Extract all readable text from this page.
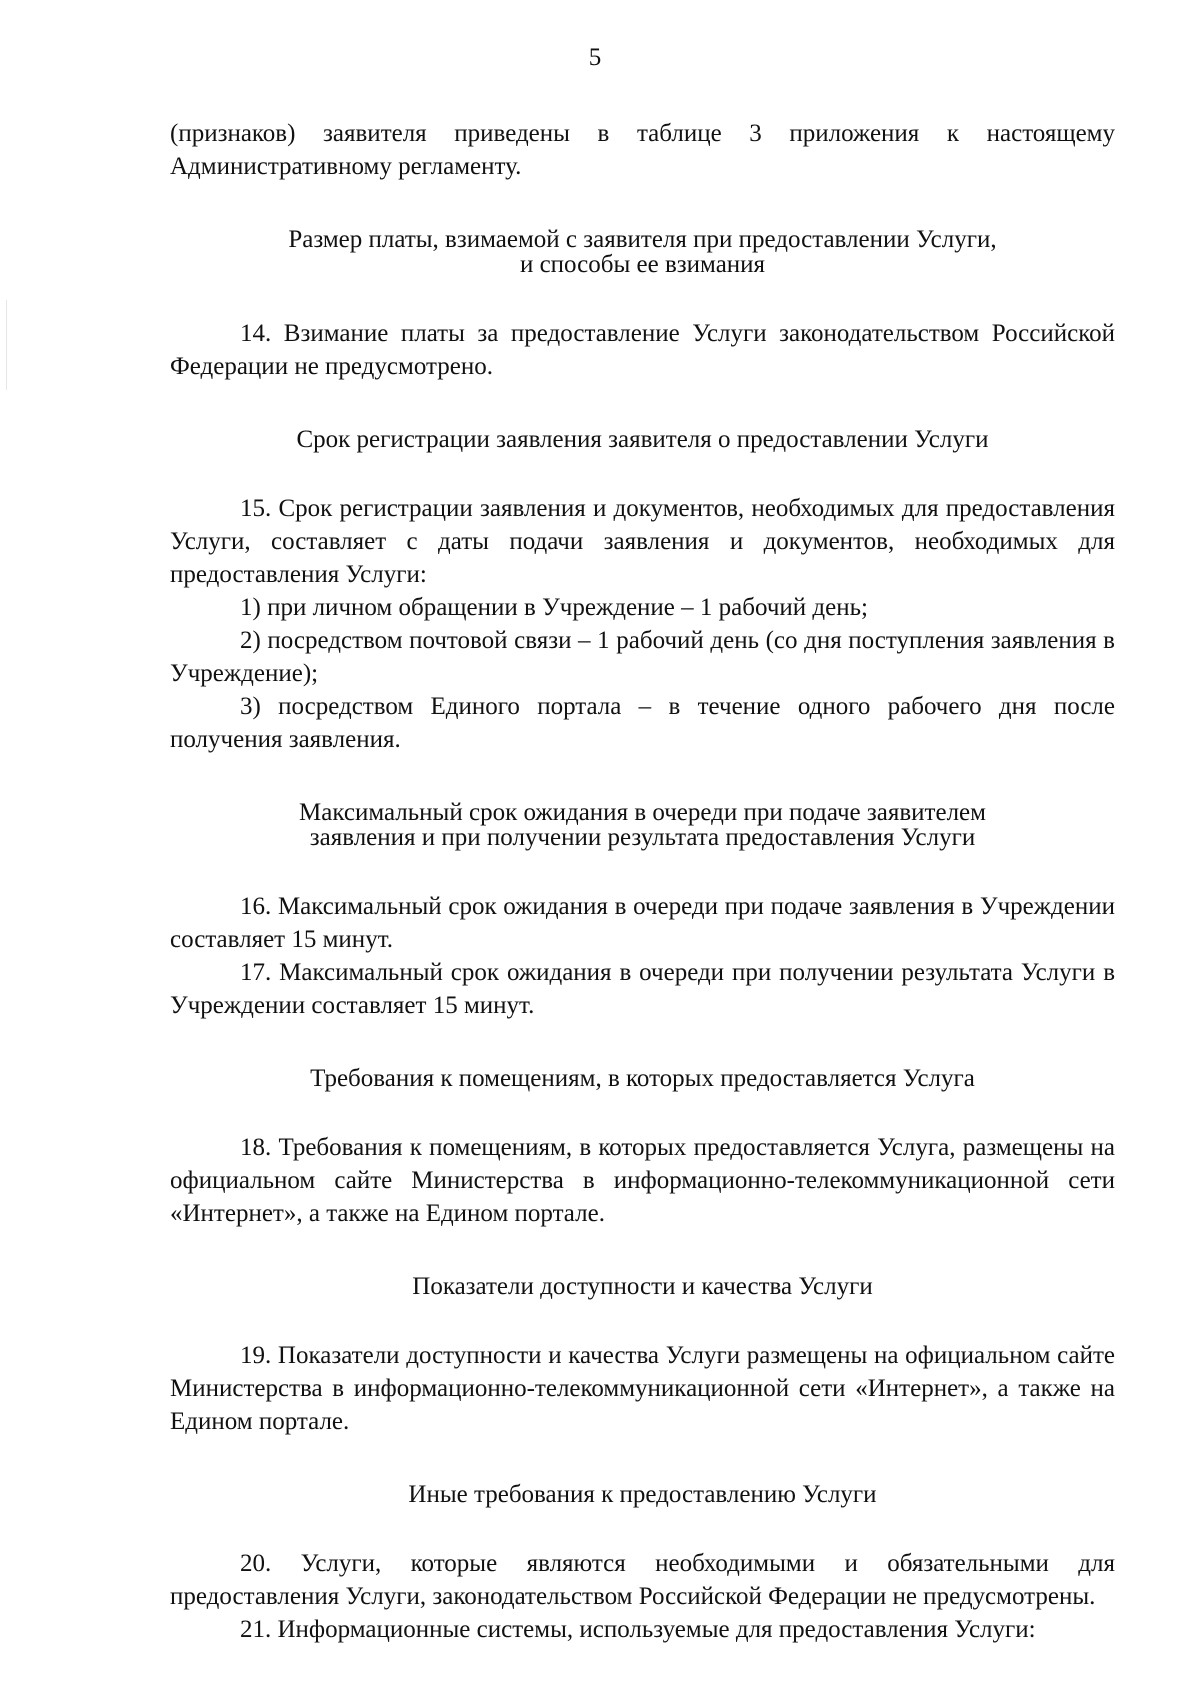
5

(признаков) заявителя приведены в таблице 3 приложения к настоящему Административному регламенту.

Размер платы, взимаемой с заявителя при предоставлении Услуги,
и способы ее взимания

14. Взимание платы за предоставление Услуги законодательством Российской Федерации не предусмотрено.

Срок регистрации заявления заявителя о предоставлении Услуги

15. Срок регистрации заявления и документов, необходимых для предоставления Услуги, составляет с даты подачи заявления и документов, необходимых для предоставления Услуги:

1) при личном обращении в Учреждение – 1 рабочий день;

2) посредством почтовой связи – 1 рабочий день (со дня поступления заявления в Учреждение);

3) посредством Единого портала – в течение одного рабочего дня после получения заявления.

Максимальный срок ожидания в очереди при подаче заявителем
заявления и при получении результата предоставления Услуги

16. Максимальный срок ожидания в очереди при подаче заявления в Учреждении составляет 15 минут.

17. Максимальный срок ожидания в очереди при получении результата Услуги в Учреждении составляет 15 минут.

Требования к помещениям, в которых предоставляется Услуга

18. Требования к помещениям, в которых предоставляется Услуга, размещены на официальном сайте Министерства в информационно-телекоммуникационной сети «Интернет», а также на Едином портале.

Показатели доступности и качества Услуги

19. Показатели доступности и качества Услуги размещены на официальном сайте Министерства в информационно-телекоммуникационной сети «Интернет», а также на Едином портале.

Иные требования к предоставлению Услуги

20. Услуги, которые являются необходимыми и обязательными для предоставления Услуги, законодательством Российской Федерации не предусмотрены.

21. Информационные системы, используемые для предоставления Услуги:
